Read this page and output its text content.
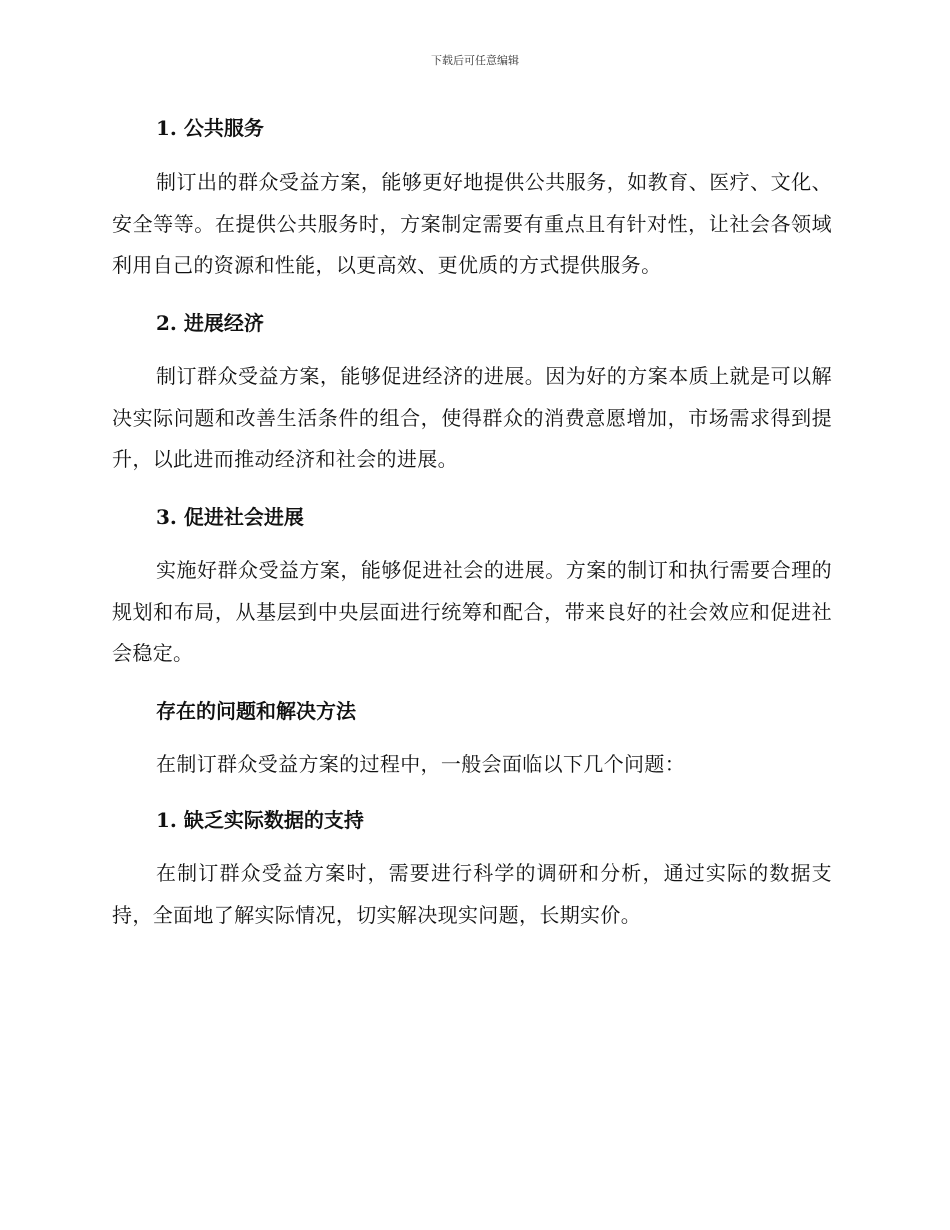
下载后可任意编辑
1. 公共服务

制订出的群众受益方案，能够更好地提供公共服务，如教育、医疗、文化、安全等等。在提供公共服务时，方案制定需要有重点且有针对性，让社会各领域利用自己的资源和性能，以更高效、更优质的方式提供服务。

2. 进展经济

制订群众受益方案，能够促进经济的进展。因为好的方案本质上就是可以解决实际问题和改善生活条件的组合，使得群众的消费意愿增加，市场需求得到提升，以此进而推动经济和社会的进展。

3. 促进社会进展

实施好群众受益方案，能够促进社会的进展。方案的制订和执行需要合理的规划和布局，从基层到中央层面进行统筹和配合，带来良好的社会效应和促进社会稳定。

存在的问题和解决方法

在制订群众受益方案的过程中，一般会面临以下几个问题：

1. 缺乏实际数据的支持

在制订群众受益方案时，需要进行科学的调研和分析，通过实际的数据支持，全面地了解实际情况，切实解决现实问题，长期实价。
